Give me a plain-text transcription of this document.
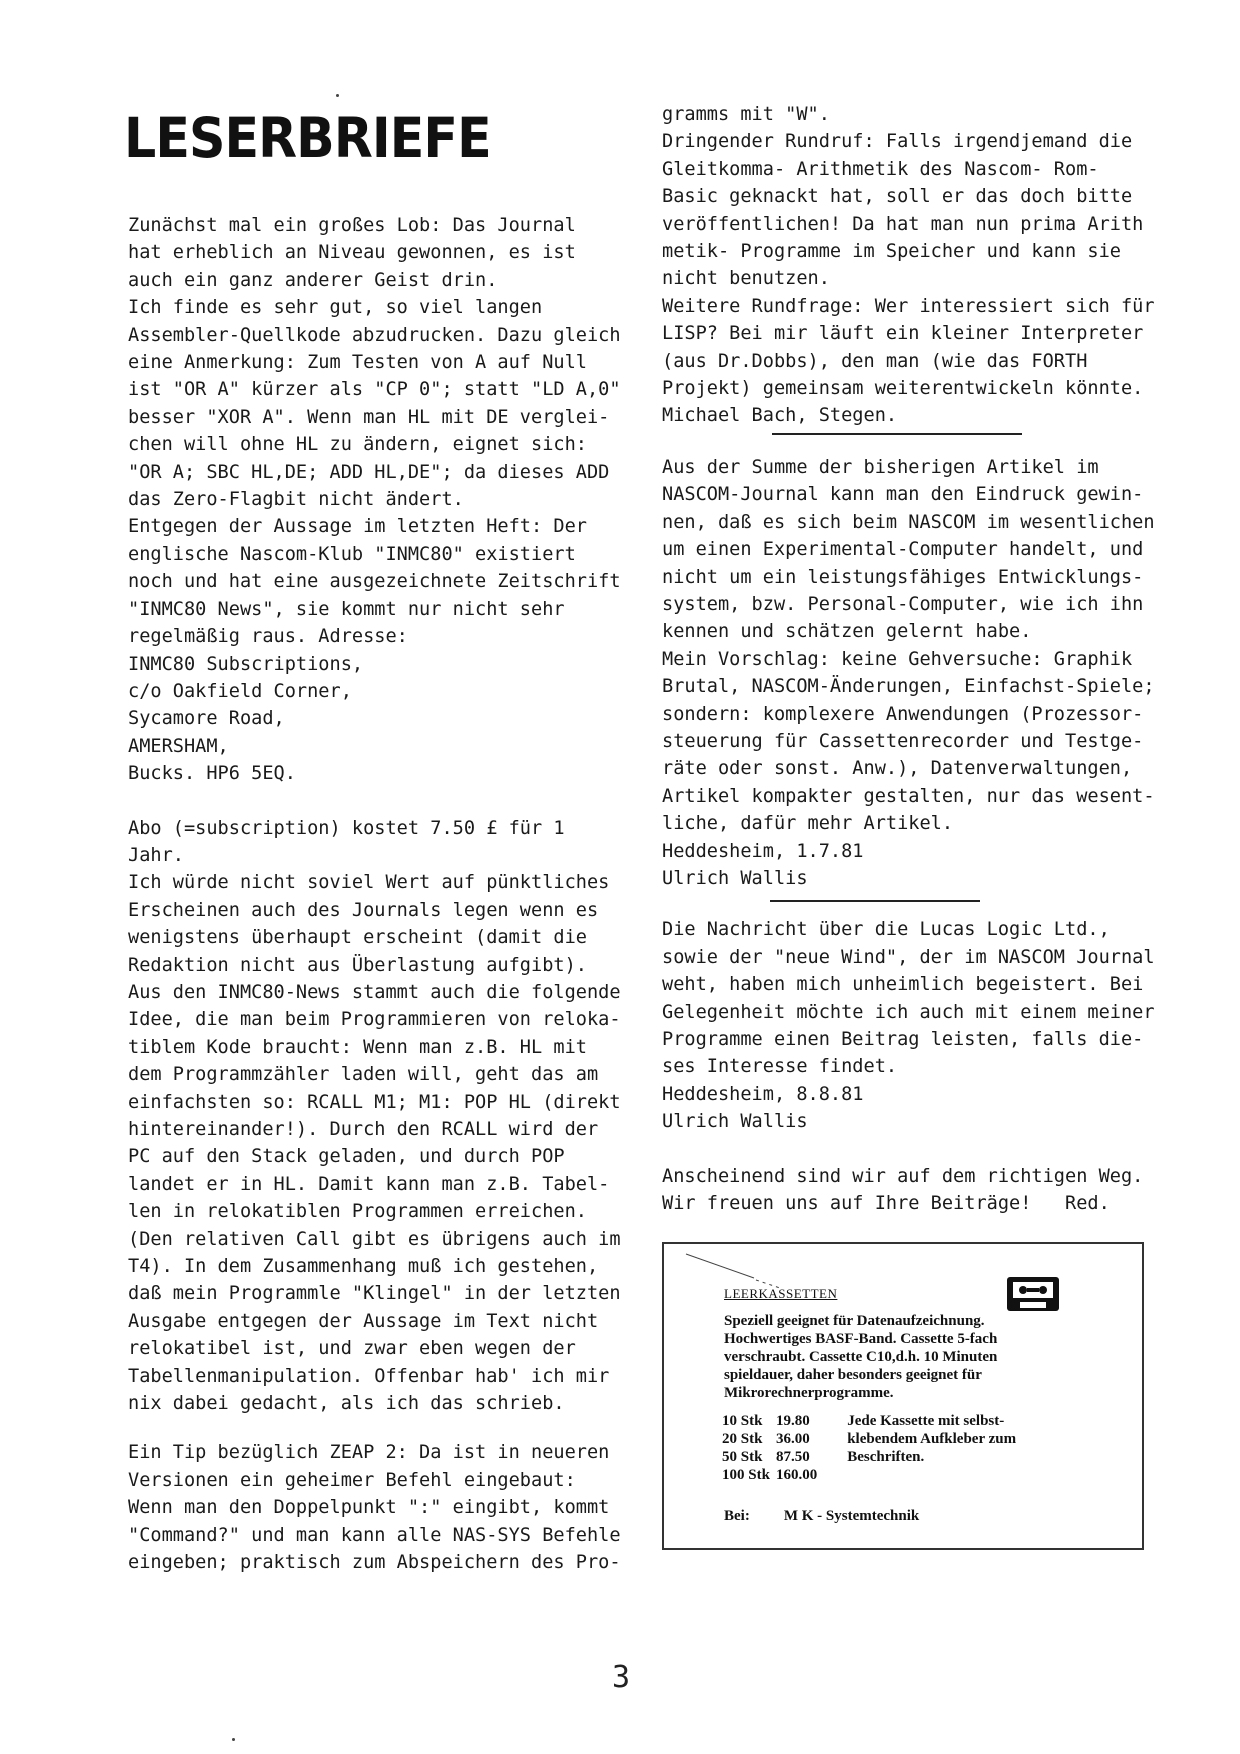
LESERBRIEFE

Zunächst mal ein großes Lob: Das Journal

hat erheblich an Niveau gewonnen, es ist

auch ein ganz anderer Geist drin.

Ich finde es sehr gut, so viel langen

Assembler-Quellkode abzudrucken. Dazu gleich

eine Anmerkung: Zum Testen von A auf Null

ist "OR A" kürzer als "CP 0"; statt "LD A,0"

besser "XOR A". Wenn man HL mit DE verglei-

chen will ohne HL zu ändern, eignet sich:

"OR A; SBC HL,DE; ADD HL,DE"; da dieses ADD

das Zero-Flagbit nicht ändert.

Entgegen der Aussage im letzten Heft: Der

englische Nascom-Klub "INMC80" existiert

noch und hat eine ausgezeichnete Zeitschrift

"INMC80 News", sie kommt nur nicht sehr

regelmäßig raus. Adresse:

INMC80 Subscriptions,

c/o Oakfield Corner,

Sycamore Road,

AMERSHAM,

Bucks. HP6 5EQ.

Abo (=subscription) kostet 7.50 £ für 1

Jahr.

Ich würde nicht soviel Wert auf pünktliches

Erscheinen auch des Journals legen wenn es

wenigstens überhaupt erscheint (damit die

Redaktion nicht aus Überlastung aufgibt).

Aus den INMC80-News stammt auch die folgende

Idee, die man beim Programmieren von reloka-

tiblem Kode braucht: Wenn man z.B. HL mit

dem Programmzähler laden will, geht das am

einfachsten so: RCALL M1; M1: POP HL (direkt

hintereinander!). Durch den RCALL wird der

PC auf den Stack geladen, und durch POP

landet er in HL. Damit kann man z.B. Tabel-

len in relokatiblen Programmen erreichen.

(Den relativen Call gibt es übrigens auch im

T4). In dem Zusammenhang muß ich gestehen,

daß mein Programmle "Klingel" in der letzten

Ausgabe entgegen der Aussage im Text nicht

relokatibel ist, und zwar eben wegen der

Tabellenmanipulation. Offenbar hab' ich mir

nix dabei gedacht, als ich das schrieb.

Ein Tip bezüglich ZEAP 2: Da ist in neueren

Versionen ein geheimer Befehl eingebaut:

Wenn man den Doppelpunkt ":" eingibt, kommt

"Command?" und man kann alle NAS-SYS Befehle

eingeben; praktisch zum Abspeichern des Pro-

gramms mit "W".

Dringender Rundruf: Falls irgendjemand die

Gleitkomma- Arithmetik des Nascom- Rom-

Basic geknackt hat, soll er das doch bitte

veröffentlichen! Da hat man nun prima Arith

metik- Programme im Speicher und kann sie

nicht benutzen.

Weitere Rundfrage: Wer interessiert sich für

LISP? Bei mir läuft ein kleiner Interpreter

(aus Dr.Dobbs), den man (wie das FORTH

Projekt) gemeinsam weiterentwickeln könnte.

Michael Bach, Stegen.

Aus der Summe der bisherigen Artikel im

NASCOM-Journal kann man den Eindruck gewin-

nen, daß es sich beim NASCOM im wesentlichen

um einen Experimental-Computer handelt, und

nicht um ein leistungsfähiges Entwicklungs-

system, bzw. Personal-Computer, wie ich ihn

kennen und schätzen gelernt habe.

Mein Vorschlag: keine Gehversuche: Graphik

Brutal, NASCOM-Änderungen, Einfachst-Spiele;

sondern: komplexere Anwendungen (Prozessor-

steuerung für Cassettenrecorder und Testge-

räte oder sonst. Anw.), Datenverwaltungen,

Artikel kompakter gestalten, nur das wesent-

liche, dafür mehr Artikel.

Heddesheim, 1.7.81

Ulrich Wallis

Die Nachricht über die Lucas Logic Ltd.,

sowie der "neue Wind", der im NASCOM Journal

weht, haben mich unheimlich begeistert. Bei

Gelegenheit möchte ich auch mit einem meiner

Programme einen Beitrag leisten, falls die-

ses Interesse findet.

Heddesheim, 8.8.81

Ulrich Wallis

Anscheinend sind wir auf dem richtigen Weg.

Wir freuen uns auf Ihre Beiträge!   Red.

LEERKASSETTEN

Speziell geeignet für Datenaufzeichnung.

Hochwertiges BASF-Band. Cassette 5-fach

verschraubt. Cassette C10,d.h. 10 Minuten

spieldauer, daher besonders geeignet für

Mikrorechnerprogramme.

10 Stk	19.80	Jede Kassette mit selbst-
20 Stk	36.00	klebendem Aufkleber zum
50 Stk	87.50	Beschriften.
100 Stk	160.00	
Bei: M K - Systemtechnik
3
